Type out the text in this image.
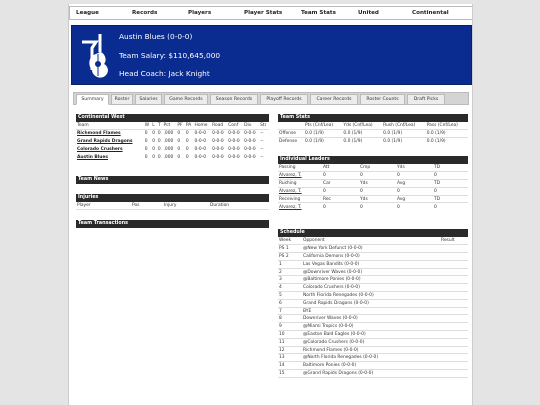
League	Records	Players	Player Stats	Team Stats	United	Continental
Austin Blues (0-0-0)
Team Salary: $110,645,000
Head Coach: Jack Knight
Summary	Roster	Salaries	Game Records	Season Records	Playoff Records	Career Records	Roster Counts	Draft Picks
Continental West
Team	W	L	T	Pct	PF	PA	Home	Road	Conf	Div	Str
Richmond Flames	0	0	0	.000	0	0	0-0-0	0-0-0	0-0-0	0-0-0	--
Grand Rapids Dragons	0	0	0	.000	0	0	0-0-0	0-0-0	0-0-0	0-0-0	--
Colorado Crushers	0	0	0	.000	0	0	0-0-0	0-0-0	0-0-0	0-0-0	--
Austin Blues	0	0	0	.000	0	0	0-0-0	0-0-0	0-0-0	0-0-0	--
Team News
Injuries
Player	Pos	Injury	Duration
Team Transactions
Team Stats
	Pts (Cnf/Lea)	Yds (Cnf/Lea)	Rush (Cnf/Lea)	Pass (Cnf/Lea)
Offense	0.0 (1/9)	0.0 (1/9)	0.0 (1/9)	0.0 (1/9)
Defense	0.0 (1/9)	0.0 (1/9)	0.0 (1/9)	0.0 (1/9)
Individual Leaders
Passing	Att	Cmp	Yds	TD
Alvarez, T.	0	0	0	0
Rushing	Car	Yds	Avg	TD
Alvarez, T.	0	0	0	0
Receiving	Rec	Yds	Avg	TD
Alvarez, T.	0	0	0	0
Schedule
Week	Opponent	Result
PS 1	@New York Defunct (0-0-0)	
PS 2	California Demons (0-0-0)	
1	Las Vegas Bandits (0-0-0)	
2	@Downriver Waves (0-0-0)	
3	@Baltimore Ponies (0-0-0)	
4	Colorado Crushers (0-0-0)	
5	North Florida Renegades (0-0-0)	
6	Grand Rapids Dragons (0-0-0)	
7	BYE	
8	Downriver Waves (0-0-0)	
9	@Miami Tropics (0-0-0)	
10	@Easton Bald Eagles (0-0-0)	
11	@Colorado Crushers (0-0-0)	
12	Richmond Flames (0-0-0)	
13	@North Florida Renegades (0-0-0)	
14	Baltimore Ponies (0-0-0)	
15	@Grand Rapids Dragons (0-0-0)	
